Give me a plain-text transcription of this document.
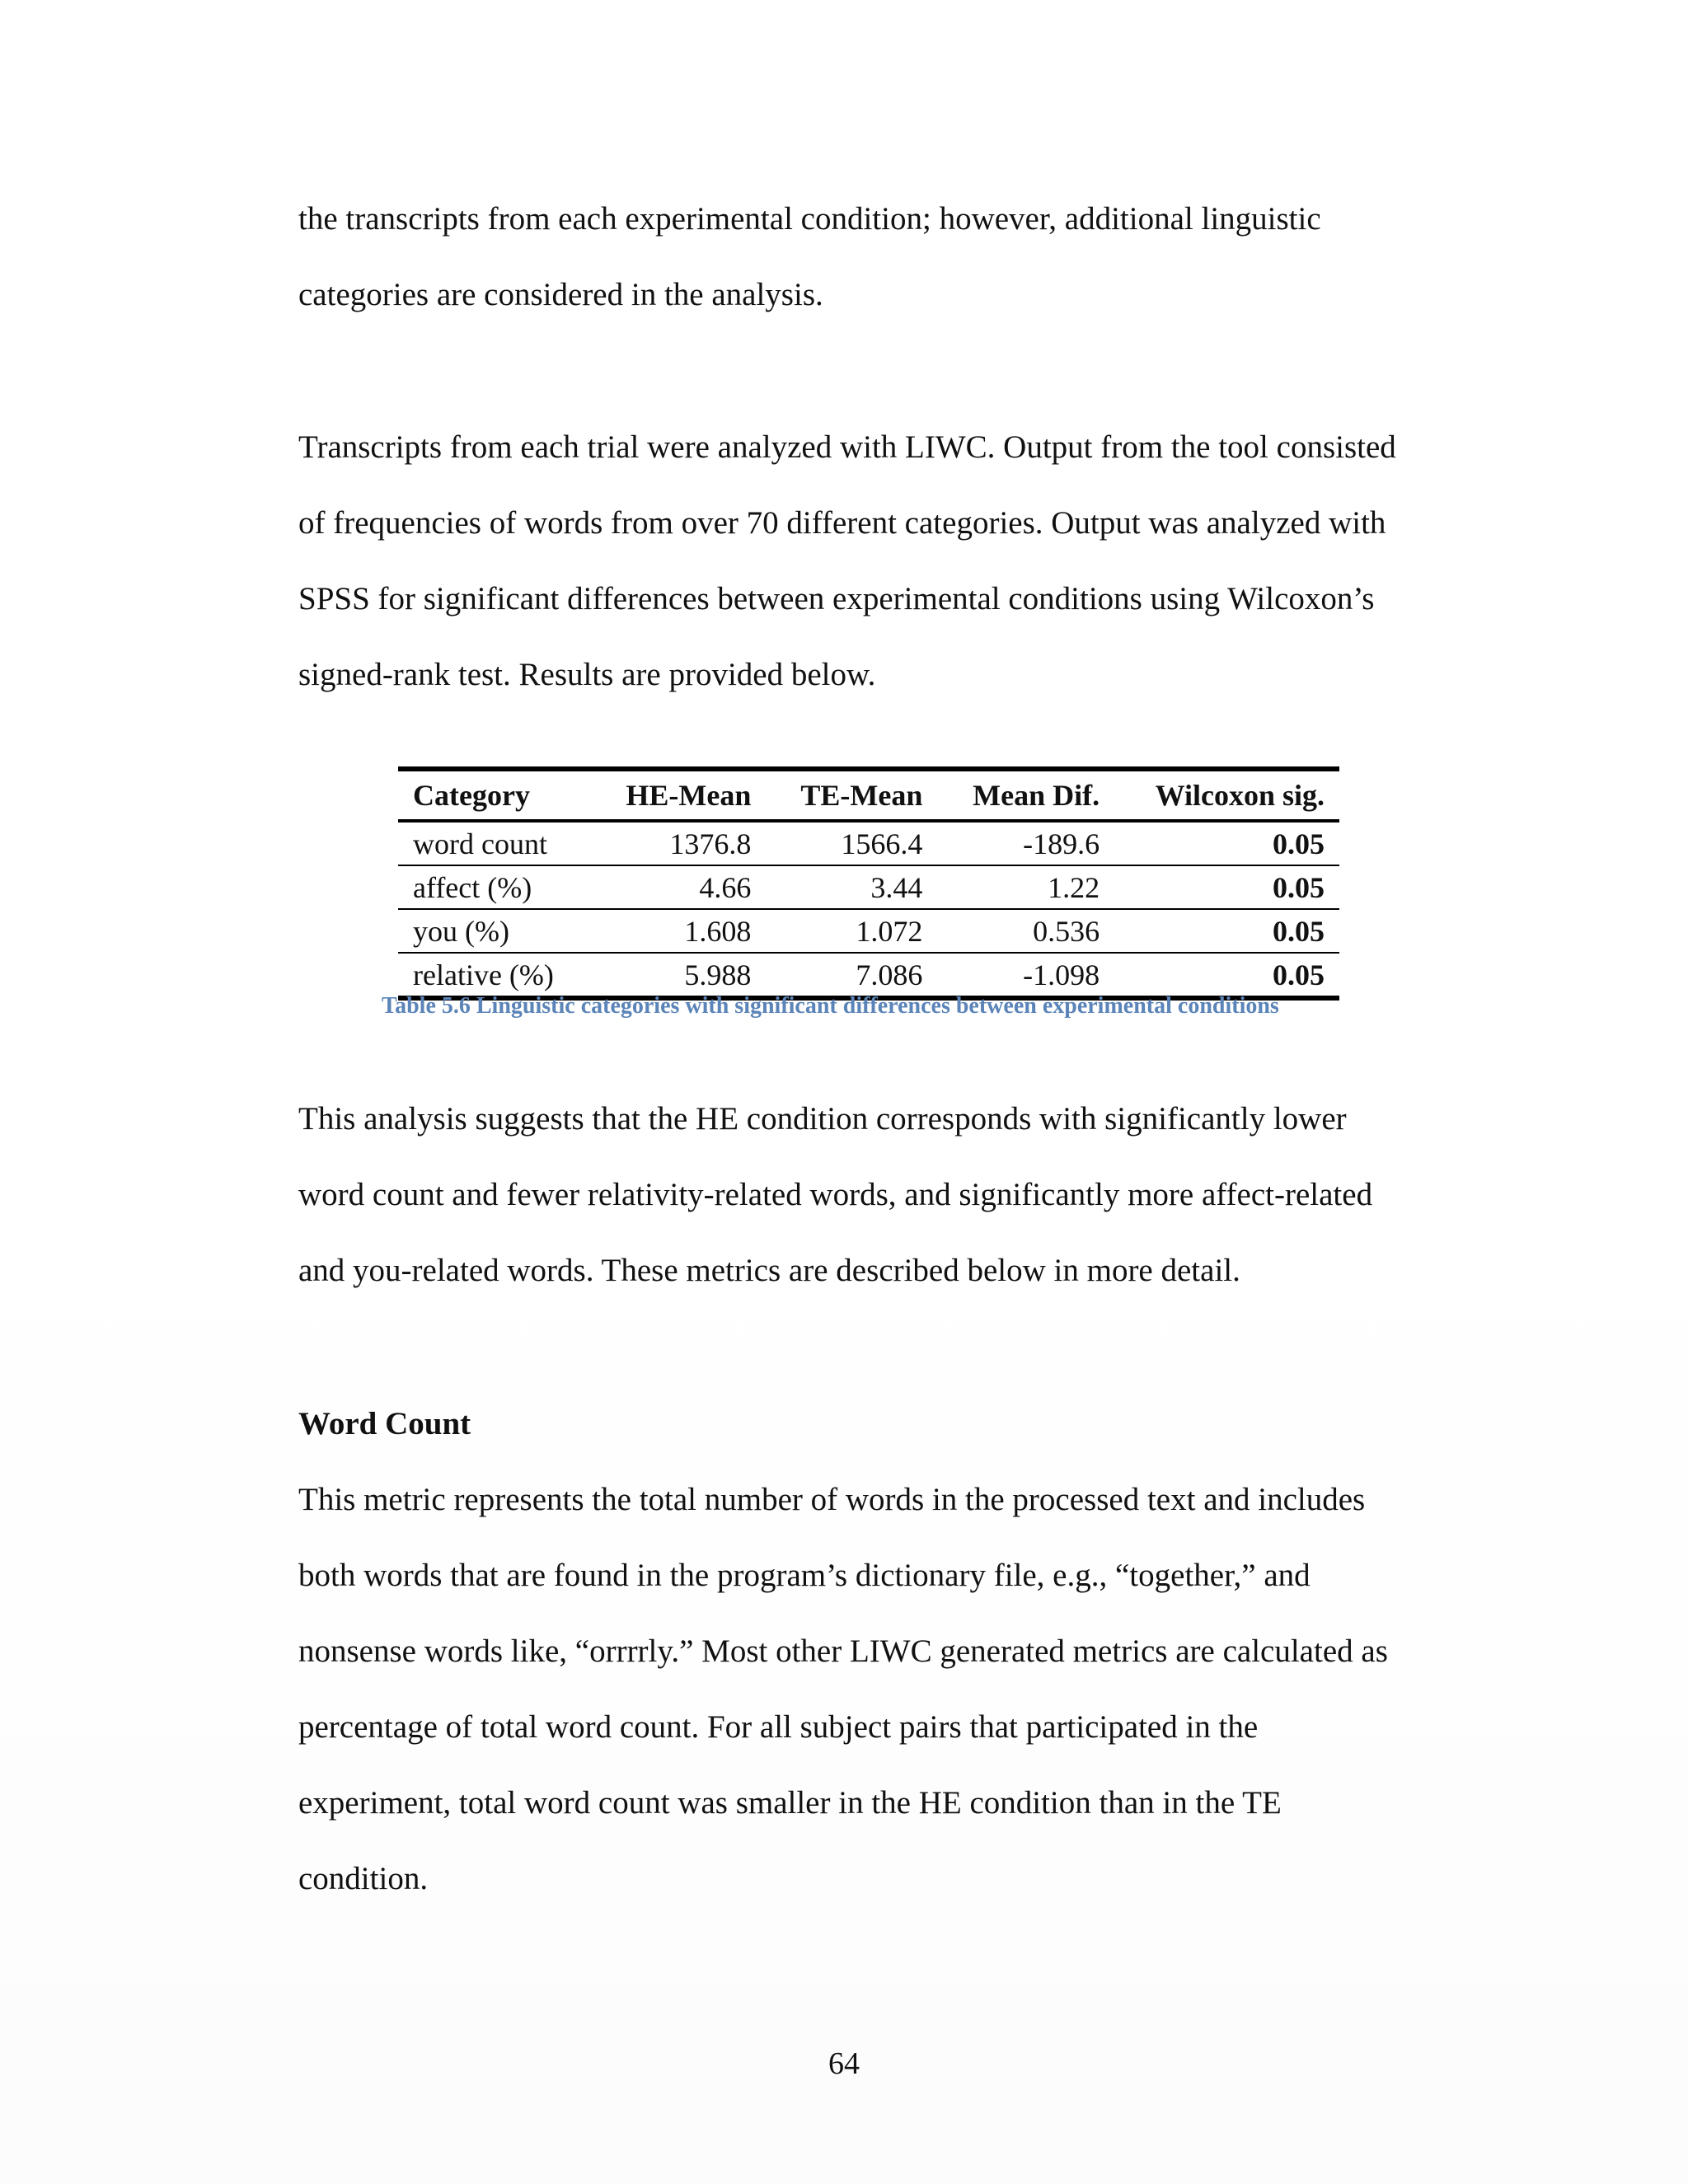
the transcripts from each experimental condition; however, additional linguistic
categories are considered in the analysis.

Transcripts from each trial were analyzed with LIWC. Output from the tool consisted
of frequencies of words from over 70 different categories. Output was analyzed with
SPSS for significant differences between experimental conditions using Wilcoxon’s
signed-rank test. Results are provided below.

Category	HE-Mean	TE-Mean	Mean Dif.	Wilcoxon sig.
word count	1376.8	1566.4	-189.6	0.05
affect (%)	4.66	3.44	1.22	0.05
you (%)	1.608	1.072	0.536	0.05
relative (%)	5.988	7.086	-1.098	0.05
Table 5.6 Linguistic categories with significant differences between experimental conditions

This analysis suggests that the HE condition corresponds with significantly lower
word count and fewer relativity-related words, and significantly more affect-related
and you-related words. These metrics are described below in more detail.

Word Count

This metric represents the total number of words in the processed text and includes
both words that are found in the program’s dictionary file, e.g., “together,” and
nonsense words like, “orrrrly.” Most other LIWC generated metrics are calculated as
percentage of total word count. For all subject pairs that participated in the
experiment, total word count was smaller in the HE condition than in the TE
condition.

64
